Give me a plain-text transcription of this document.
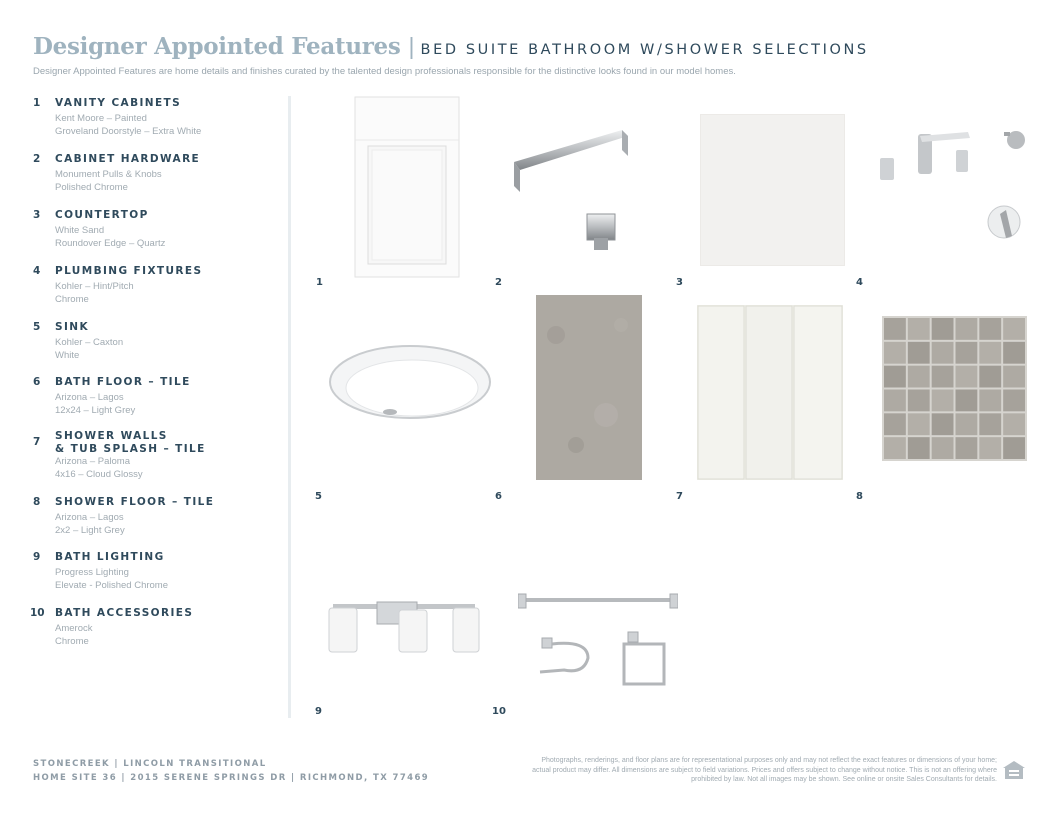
Designer Appointed Features | BED SUITE BATHROOM W/SHOWER SELECTIONS
Designer Appointed Features are home details and finishes curated by the talented design professionals responsible for the distinctive looks found in our model homes.
1 VANITY CABINETS
Kent Moore – Painted
Groveland Doorstyle – Extra White
2 CABINET HARDWARE
Monument Pulls & Knobs
Polished Chrome
3 COUNTERTOP
White Sand
Roundover Edge – Quartz
4 PLUMBING FIXTURES
Kohler – Hint/Pitch
Chrome
5 SINK
Kohler – Caxton
White
6 BATH FLOOR – TILE
Arizona – Lagos
12x24 – Light Grey
7 SHOWER WALLS
& TUB SPLASH – TILE
Arizona – Paloma
4x16 – Cloud Glossy
8 SHOWER FLOOR – TILE
Arizona – Lagos
2x2 – Light Grey
9 BATH LIGHTING
Progress Lighting
Elevate - Polished Chrome
10 BATH ACCESSORIES
Amerock
Chrome
1	2	3	4
5	6	7	8
9	10
STONECREEK | LINCOLN TRANSITIONAL
HOME SITE 36 | 2015 SERENE SPRINGS DR | RICHMOND, TX 77469
Photographs, renderings, and floor plans are for representational purposes only and may not reflect the exact features or dimensions of your home; actual product may differ. All dimensions are subject to field variations. Prices and offers subject to change without notice. This is not an offering where prohibited by law. Not all images may be shown. See online or onsite Sales Consultants for details.
